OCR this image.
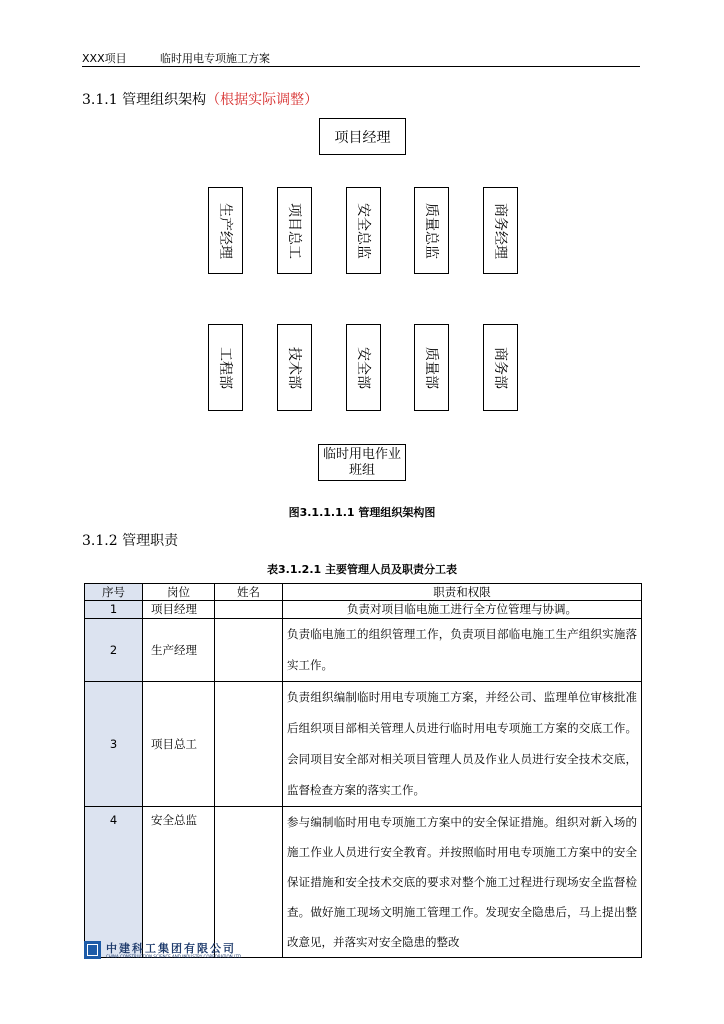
XXX项目	临时用电专项施工方案
3.1.1 管理组织架构（根据实际调整）
项目经理
生产经理	项目总工	安全总监	质量总监	商务经理
工程部	技术部	安全部	质量部	商务部
临时用电作业
班组
图3.1.1.1.1 管理组织架构图
3.1.2 管理职责
表3.1.2.1 主要管理人员及职责分工表
序号	岗位	姓名	职责和权限
1	项目经理		负责对项目临电施工进行全方位管理与协调。
2	生产经理		负责临电施工的组织管理工作，负责项目部临电施工生产组织实施落实工作。
3	项目总工		负责组织编制临时用电专项施工方案，并经公司、监理单位审核批准后组织项目部相关管理人员进行临时用电专项施工方案的交底工作。会同项目安全部对相关项目管理人员及作业人员进行安全技术交底，监督检查方案的落实工作。
4	安全总监		参与编制临时用电专项施工方案中的安全保证措施。组织对新入场的施工作业人员进行安全教育。并按照临时用电专项施工方案中的安全保证措施和安全技术交底的要求对整个施工过程进行现场安全监督检查。做好施工现场文明施工管理工作。发现安全隐患后，马上提出整改意见，并落实对安全隐患的整改
中建科工集团有限公司
CHINA CONSTRUCTION SCIENCE AND INDUSTRY CORPORATION LTD.
